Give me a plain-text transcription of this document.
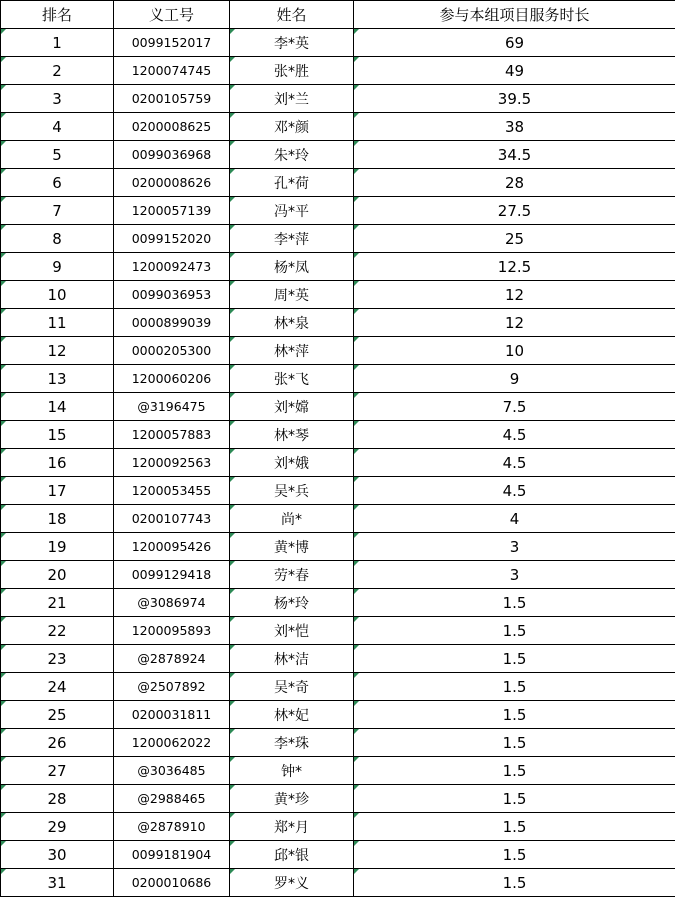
排名	义工号	姓名	参与本组项目服务时长
1	0099152017	李*英	69
2	1200074745	张*胜	49
3	0200105759	刘*兰	39.5
4	0200008625	邓*颜	38
5	0099036968	朱*玲	34.5
6	0200008626	孔*荷	28
7	1200057139	冯*平	27.5
8	0099152020	李*萍	25
9	1200092473	杨*凤	12.5
10	0099036953	周*英	12
11	0000899039	林*泉	12
12	0000205300	林*萍	10
13	1200060206	张*飞	9
14	@3196475	刘*嫦	7.5
15	1200057883	林*琴	4.5
16	1200092563	刘*娥	4.5
17	1200053455	吴*兵	4.5
18	0200107743	尚*	4
19	1200095426	黄*博	3
20	0099129418	劳*春	3
21	@3086974	杨*玲	1.5
22	1200095893	刘*恺	1.5
23	@2878924	林*洁	1.5
24	@2507892	吴*奇	1.5
25	0200031811	林*妃	1.5
26	1200062022	李*珠	1.5
27	@3036485	钟*	1.5
28	@2988465	黄*珍	1.5
29	@2878910	郑*月	1.5
30	0099181904	邱*银	1.5
31	0200010686	罗*义	1.5
